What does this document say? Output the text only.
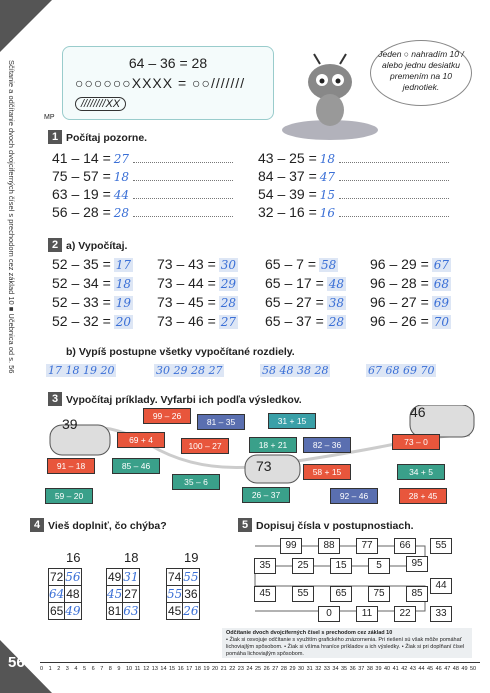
Sčítanie a odčítanie dvoch dvojciferných čísel s prechodom cez základ 10 ■ Učebnica od s. 56	64 – 36 = 28
○○○○○○XXXX = ○○///////
////////XX
Jeden ○ nahradím 10 / alebo jednu desiatku premením na 10 jednotiek.
MP
1 Počítaj pozorne.
41 – 14 = 27
75 – 57 = 18
63 – 19 = 44
56 – 28 = 28
43 – 25 = 18
84 – 37 = 47
54 – 39 = 15
32 – 16 = 16
2 a) Vypočítaj.
52 – 35 = 17
52 – 34 = 18
52 – 33 = 19
52 – 32 = 20
73 – 43 = 30
73 – 44 = 29
73 – 45 = 28
73 – 46 = 27
65 – 7 = 58
65 – 17 = 48
65 – 27 = 38
65 – 37 = 28
96 – 29 = 67
96 – 28 = 68
96 – 27 = 69
96 – 26 = 70
b) Vypíš postupne všetky vypočítané rozdiely.
17 18 19 20	30 29 28 27	58 48 38 28	67 68 69 70
3 Vypočítaj príklady. Vyfarbi ich podľa výsledkov.
39
73
46
99 – 26
81 – 35	31 + 15
69 + 4
100 – 27	18 + 21	82 – 36	73 – 0
91 – 18	85 – 46
35 – 6
58 + 15	34 + 5
59 – 20	26 – 37	28 + 45
92 – 46
4 Vieš doplniť, čo chýba?
16
72	56
64	48
65	49
18
49	31
45	27
81	63
19
74	55
55	36
45	26
5 Dopisuj čísla v postupnostiach.
99	88	77	66	55
35	25	15	5	95
44
45	55	65	75	85
0	11	22	33
Odčítanie dvoch dvojciferných čísel s prechodom cez základ 10
• Žiak si osvojuje odčítanie s využitím grafického znázornenia. Pri riešení sú však môže pomáhať lichoviajlým spôsobom. • Žiak si všíma hraníce príkladov a ich výsledky. • Žiak si pri doplňaní čísel pomáha lichoviajlým spôsobom.
56	0 1 2 3 4 5 6 7 8 9 10 11 12 13 14 15 16 17 18 19 20 21 22 23 24 25 26 27 28 29 30 31 32 33 34 35 36 37 38 39 40 41 42 43 44 45 46 47 48 49 50
